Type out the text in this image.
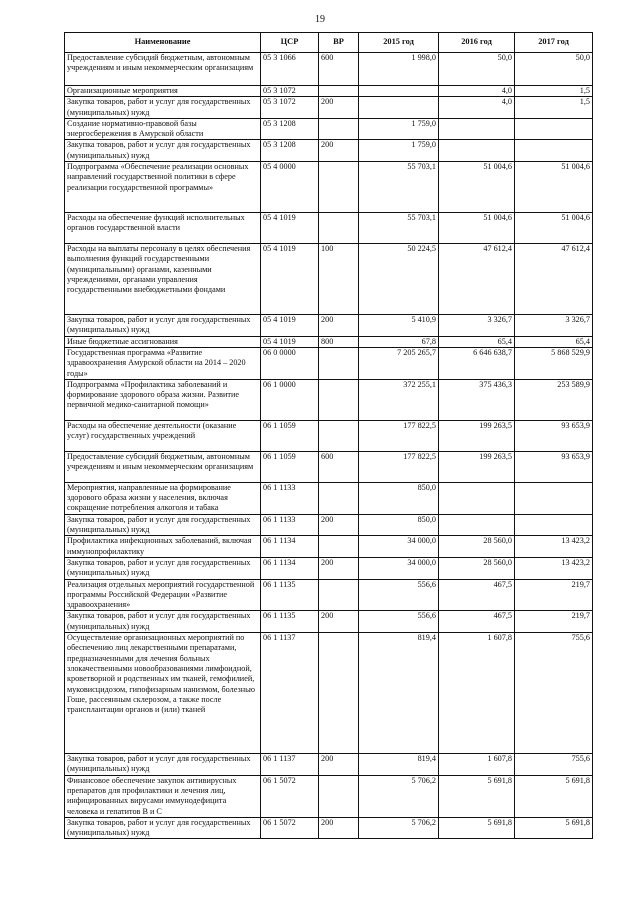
19
Наименование	ЦСР	ВР	2015 год	2016 год	2017 год
Предоставление субсидий бюджетным, автономным учреждениям и иным некоммерческим организациям	05 3 1066	600	1 998,0	50,0	50,0
Организационные мероприятия	05 3 1072			4,0	1,5
Закупка товаров, работ и услуг для государственных (муниципальных) нужд	05 3 1072	200		4,0	1,5
Создание нормативно-правовой базы энергосбережения в Амурской области	05 3 1208		1 759,0		
Закупка товаров, работ и услуг для государственных (муниципальных) нужд	05 3 1208	200	1 759,0		
Подпрограмма «Обеспечение реализации основных направлений государственной политики в сфере реализации государственной программы»	05 4 0000		55 703,1	51 004,6	51 004,6
Расходы на обеспечение функций исполнительных органов государственной власти	05 4 1019		55 703,1	51 004,6	51 004,6
Расходы на выплаты персоналу в целях обеспечения выполнения функций государственными (муниципальными) органами, казенными учреждениями, органами управления государственными внебюджетными фондами	05 4 1019	100	50 224,5	47 612,4	47 612,4
Закупка товаров, работ и услуг для государственных (муниципальных) нужд	05 4 1019	200	5 410,9	3 326,7	3 326,7
Иные бюджетные ассигнования	05 4 1019	800	67,8	65,4	65,4
Государственная программа «Развитие здравоохранения Амурской области на 2014 – 2020 годы»	06 0 0000		7 205 265,7	6 646 638,7	5 868 529,9
Подпрограмма «Профилактика заболеваний и формирование здорового образа жизни. Развитие первичной медико-санитарной помощи»	06 1 0000		372 255,1	375 436,3	253 589,9
Расходы на обеспечение деятельности (оказание услуг) государственных учреждений	06 1 1059		177 822,5	199 263,5	93 653,9
Предоставление субсидий бюджетным, автономным учреждениям и иным некоммерческим организациям	06 1 1059	600	177 822,5	199 263,5	93 653,9
Мероприятия, направленные на формирование здорового образа жизни у населения, включая сокращение потребления алкоголя и табака	06 1 1133		850,0		
Закупка товаров, работ и услуг для государственных (муниципальных) нужд	06 1 1133	200	850,0		
Профилактика инфекционных заболеваний, включая иммунопрофилактику	06 1 1134		34 000,0	28 560,0	13 423,2
Закупка товаров, работ и услуг для государственных (муниципальных) нужд	06 1 1134	200	34 000,0	28 560,0	13 423,2
Реализация отдельных мероприятий государственной программы Российской Федерации «Развитие здравоохранения»	06 1 1135		556,6	467,5	219,7
Закупка товаров, работ и услуг для государственных (муниципальных) нужд	06 1 1135	200	556,6	467,5	219,7
Осуществление организационных мероприятий по обеспечению лиц лекарственными препаратами, предназначенными для лечения больных злокачественными новообразованиями лимфоидной, кроветворной и родственных им тканей, гемофилией, муковисцидозом, гипофизарным нанизмом, болезнью Гоше, рассеянным склерозом, а также после трансплантации органов и (или) тканей	06 1 1137		819,4	1 607,8	755,6
Закупка товаров, работ и услуг для государственных (муниципальных) нужд	06 1 1137	200	819,4	1 607,8	755,6
Финансовое обеспечение закупок антивирусных препаратов для профилактики и лечения лиц, инфицированных вирусами иммунодефицита человека и гепатитов B и C	06 1 5072		5 706,2	5 691,8	5 691,8
Закупка товаров, работ и услуг для государственных (муниципальных) нужд	06 1 5072	200	5 706,2	5 691,8	5 691,8
